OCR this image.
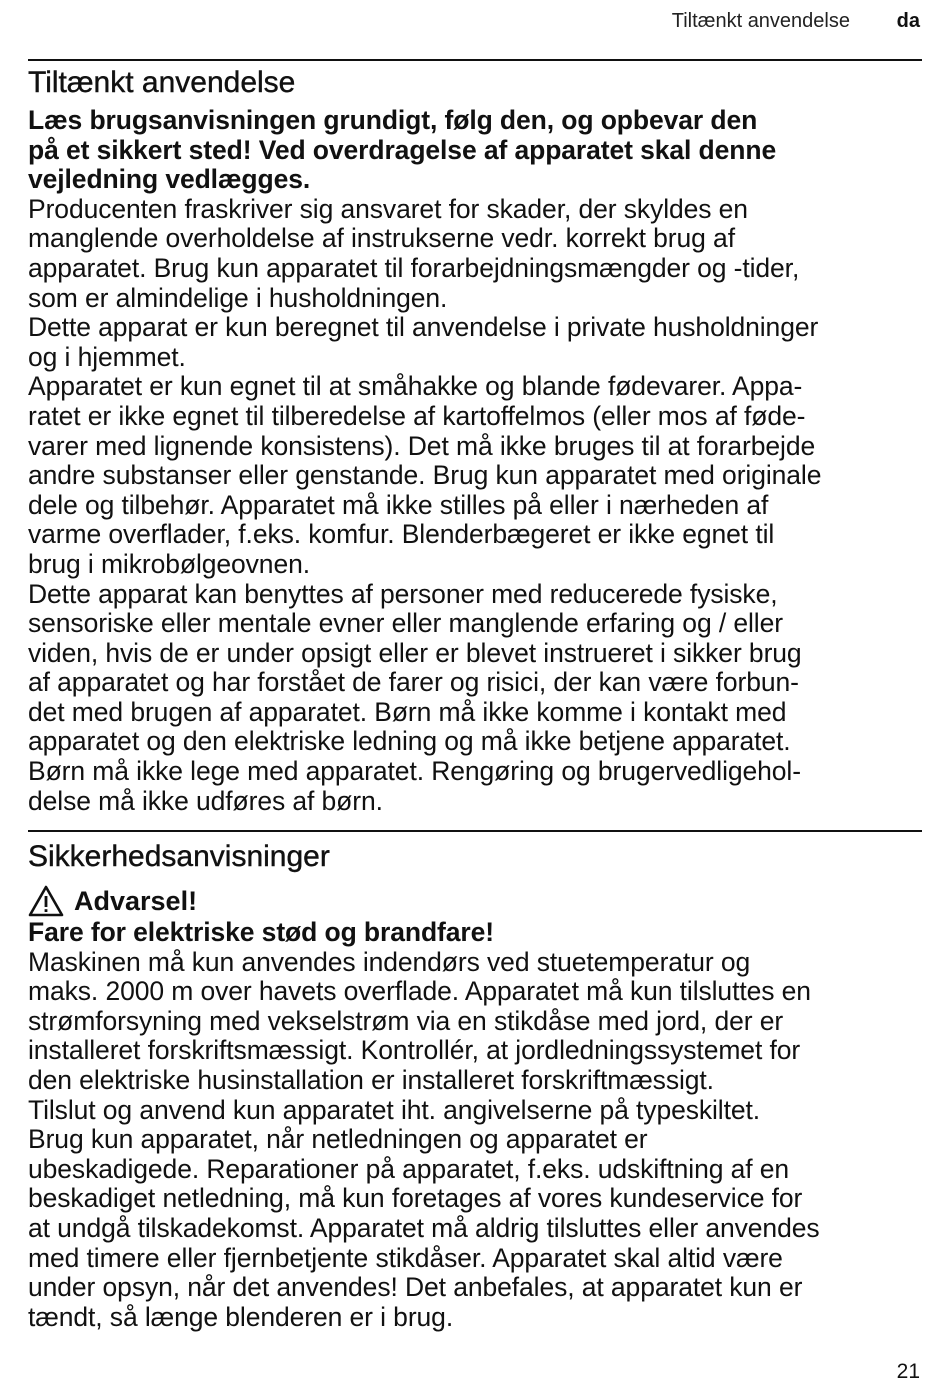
Tiltænkt anvendelse da
Tiltænkt anvendelse

Læs brugsanvisningen grundigt, følg den, og opbevar den
på et sikkert sted! Ved overdragelse af apparatet skal denne
vejledning vedlægges.

Producenten fraskriver sig ansvaret for skader, der skyldes en
manglende overholdelse af instrukserne vedr. korrekt brug af
apparatet. Brug kun apparatet til forarbejdningsmængder og -tider,
som er almindelige i husholdningen.

Dette apparat er kun beregnet til anvendelse i private husholdninger
og i hjemmet.

Apparatet er kun egnet til at småhakke og blande fødevarer. Appa-
ratet er ikke egnet til tilberedelse af kartoffelmos (eller mos af føde-
varer med lignende konsistens). Det må ikke bruges til at forarbejde
andre substanser eller genstande. Brug kun apparatet med originale
dele og tilbehør. Apparatet må ikke stilles på eller i nærheden af
varme overflader, f.eks. komfur. Blenderbægeret er ikke egnet til
brug i mikrobølgeovnen.

Dette apparat kan benyttes af personer med reducerede fysiske,
sensoriske eller mentale evner eller manglende erfaring og / eller
viden, hvis de er under opsigt eller er blevet instrueret i sikker brug
af apparatet og har forstået de farer og risici, der kan være forbun-
det med brugen af apparatet. Børn må ikke komme i kontakt med
apparatet og den elektriske ledning og må ikke betjene apparatet.
Børn må ikke lege med apparatet. Rengøring og brugervedligehol-
delse må ikke udføres af børn.

Sikkerhedsanvisninger
Advarsel!

Fare for elektriske stød og brandfare!

Maskinen må kun anvendes indendørs ved stuetemperatur og
maks. 2000 m over havets overflade. Apparatet må kun tilsluttes en
strømforsyning med vekselstrøm via en stikdåse med jord, der er
installeret forskriftsmæssigt. Kontrollér, at jordledningssystemet for
den elektriske husinstallation er installeret forskriftmæssigt.

Tilslut og anvend kun apparatet iht. angivelserne på typeskiltet.
Brug kun apparatet, når netledningen og apparatet er
ubeskadigede. Reparationer på apparatet, f.eks. udskiftning af en
beskadiget netledning, må kun foretages af vores kundeservice for
at undgå tilskadekomst. Apparatet må aldrig tilsluttes eller anvendes
med timere eller fjernbetjente stikdåser. Apparatet skal altid være
under opsyn, når det anvendes! Det anbefales, at apparatet kun er
tændt, så længe blenderen er i brug.

21
